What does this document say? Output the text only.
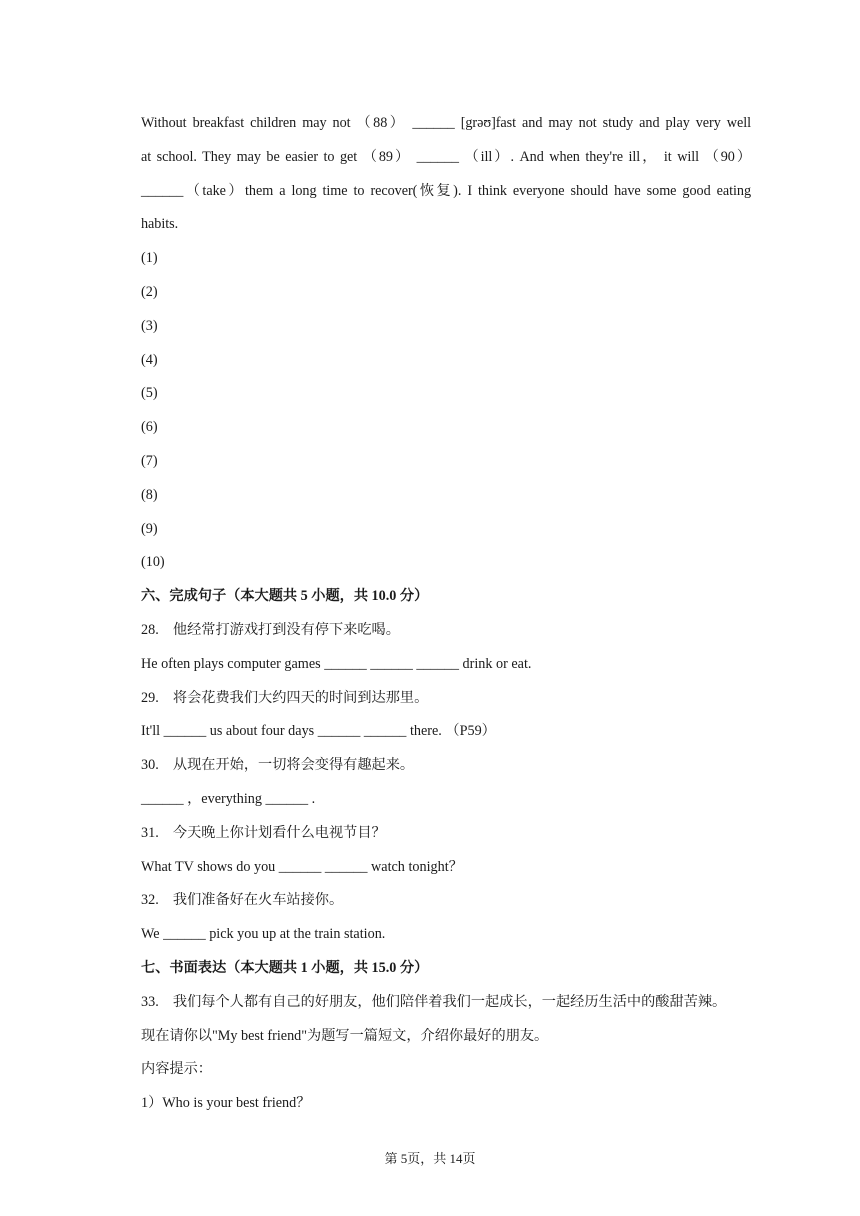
Without breakfast children may not （88） ______ [grəʊ]fast and may not study and play very well
at school. They may be easier to get （89） ______ （ill）. And when they're ill， it will （90）
______（take）them a long time to recover(恢复). I think everyone should have some good eating
habits.
(1)
(2)
(3)
(4)
(5)
(6)
(7)
(8)
(9)
(10)
六、完成句子（本大题共 5 小题，共 10.0 分）
28.　他经常打游戏打到没有停下来吃喝。
He often plays computer games ______ ______ ______ drink or eat.
29.　将会花费我们大约四天的时间到达那里。
It'll ______ us about four days ______ ______ there. （P59）
30.　从现在开始，一切将会变得有趣起来。
______ ，everything ______ .
31.　今天晚上你计划看什么电视节目？
What TV shows do you ______ ______ watch tonight？
32.　我们准备好在火车站接你。
We ______ pick you up at the train station.
七、书面表达（本大题共 1 小题，共 15.0 分）
33.　我们每个人都有自己的好朋友，他们陪伴着我们一起成长，一起经历生活中的酸甜苦辣。
现在请你以"My best friend"为题写一篇短文，介绍你最好的朋友。
内容提示：
1）Who is your best friend？
第 5页，共 14页
